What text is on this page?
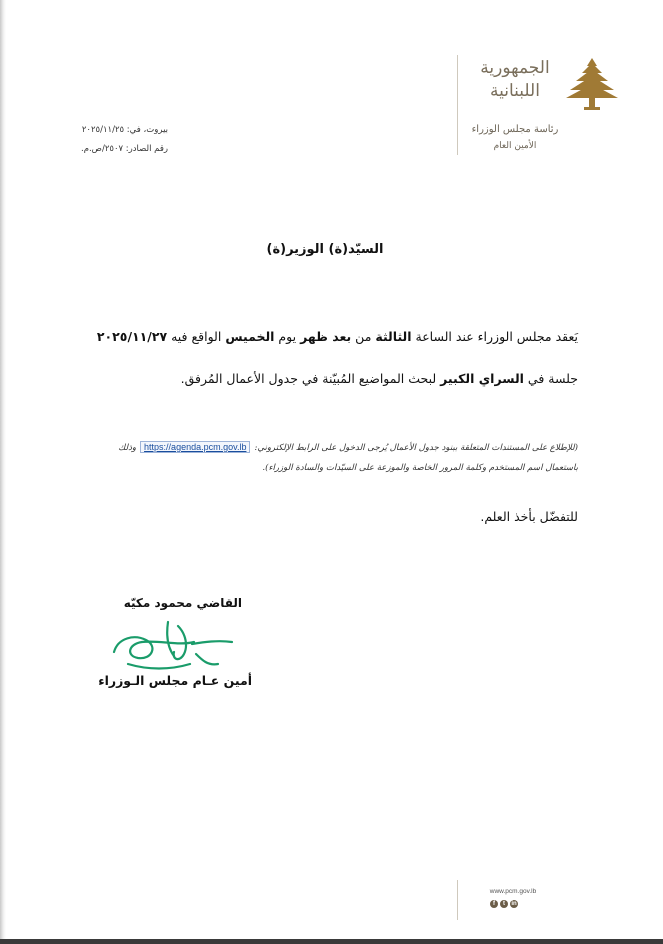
الجمهورية
اللبنانية
رئاسة مجلس الوزراء
الأمين العام
بيروت، في: ٢٠٢٥/١١/٢٥
رقم الصادر: ٢٥٠٧/ص.م.
السيّد(ة) الوزير(ة)
يَعقد مجلس الوزراء عند الساعة الثالثة من بعد ظهر يوم الخميس الواقع فيه ٢٠٢٥/١١/٢٧
جلسة في السراي الكبير لبحث المواضيع المُبيّنة في جدول الأعمال المُرفق.
(للإطلاع على المستندات المتعلقة ببنود جدول الأعمال يُرجى الدخول على الرابط الإلكتروني:https://agenda.pcm.gov.lbوذلك
باستعمال اسم المستخدم وكلمة المرور الخاصة والموزعة على السيّدات والسادة الوزراء).
للتفضّل بأخذ العلم.
القاضي محمود مكيّه
أمين عـام مجلس الـوزراء
www.pcm.gov.lb
f	t	in
